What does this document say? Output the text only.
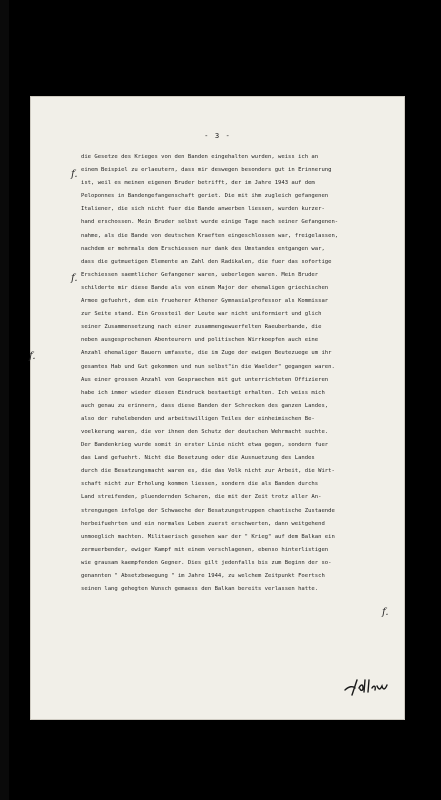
- 3 -
die Gesetze des Krieges von den Banden eingehalten wurden, weiss ich an
einem Beispiel zu erlaeutern, dass mir deswegen besonders gut in Erinnerung
ist, weil es meinen eigenen Bruder betrifft, der im Jahre 1943 auf dem
Peloponnes in Bandengefangenschaft geriet. Die mit ihm zugleich gefangenen
Italiener, die sich nicht fuer die Bande anwerben liessen, wurden kurzer-
hand erschossen. Mein Bruder selbst wurde einige Tage nach seiner Gefangenen-
nahme, als die Bande von deutschen Kraeften eingeschlossen war, freigelassen,
nachdem er mehrmals dem Erschiessen nur dank des Umstandes entgangen war,
dass die gutmuetigen Elemente an Zahl den Radikalen, die fuer das sofortige
Erschiessen saemtlicher Gefangener waren, ueberlegen waren. Mein Bruder
schilderte mir diese Bande als von einem Major der ehemaligen griechischen
Armee gefuehrt, dem ein frueherer Athener Gymnasialprofessor als Kommissar
zur Seite stand. Ein Grossteil der Leute war nicht uniformiert und glich
seiner Zusammensetzung nach einer zusammengewuerfelten Raeuberbande, die
neben ausgesprochenen Abenteurern und politischen Wirrkoepfen auch eine
Anzahl ehemaliger Bauern umfasste, die im Zuge der ewigen Beutezuege um ihr
gesamtes Hab und Gut gekommen und nun selbst"in die Waelder" gegangen waren.
Aus einer grossen Anzahl von Gespraechen mit gut unterrichteten Offizieren
habe ich immer wieder diesen Eindruck bestaetigt erhalten. Ich weiss mich
auch genau zu erinnern, dass diese Banden der Schrecken des ganzen Landes,
also der ruhelebenden und arbeitswilligen Teiles der einheimischen Be-
voelkerung waren, die vor ihnen den Schutz der deutschen Wehrmacht suchte.
Der Bandenkrieg wurde somit in erster Linie nicht etwa gegen, sondern fuer
das Land gefuehrt. Nicht die Besetzung oder die Ausnuetzung des Landes
durch die Besatzungsmacht waren es, die das Volk nicht zur Arbeit, die Wirt-
schaft nicht zur Erholung kommen liessen, sondern die als Banden durchs
Land streifenden, pluendernden Scharen, die mit der Zeit trotz aller An-
strengungen infolge der Schwaeche der Besatzungstruppen chaotische Zustaende
herbeifuehrten und ein normales Leben zuerst erschwerten, dann weitgehend
unmoeglich machten. Militaerisch gesehen war der " Krieg" auf dem Balkan ein
zermuerbender, ewiger Kampf mit einem verschlagenen, ebenso hinterlistigen
wie grausam kaempfenden Gegner. Dies gilt jedenfalls bis zum Beginn der so-
genannten " Absetzbewegung " im Jahre 1944, zu welchem Zeitpunkt Foertsch
seinen lang gehegten Wunsch gemaess den Balkan bereits verlassen hatte.
f.
f.
f.
f.
